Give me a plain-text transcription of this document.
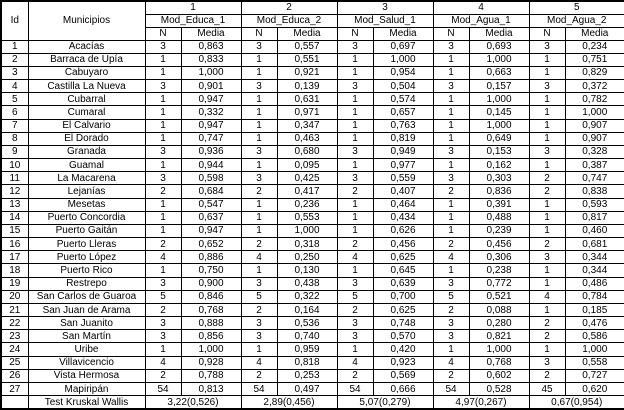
Id	Municipios	1		2		3		4		5	
		Mod_Educa_1		Mod_Educa_2		Mod_Salud_1		Mod_Agua_1		Mod_Agua_2	
		N	Media	N	Media	N	Media	N	Media	N	Media
1	Acacías	3	0,863	3	0,557	3	0,697	3	0,693	3	0,234
2	Barraca de Upía	1	0,833	1	0,551	1	1,000	1	1,000	1	0,751
3	Cabuyaro	1	1,000	1	0,921	1	0,954	1	0,663	1	0,829
4	Castilla La Nueva	3	0,901	3	0,139	3	0,504	3	0,157	3	0,372
5	Cubarral	1	0,947	1	0,631	1	0,574	1	1,000	1	0,782
6	Cumaral	1	0,332	1	0,971	1	0,657	1	0,145	1	1,000
7	El Calvario	1	0,947	1	0,347	1	0,763	1	1,000	1	0,907
8	El Dorado	1	0,747	1	0,463	1	0,819	1	0,649	1	0,907
9	Granada	3	0,936	3	0,680	3	0,949	3	0,153	3	0,328
10	Guamal	1	0,944	1	0,095	1	0,977	1	0,162	1	0,387
11	La Macarena	3	0,598	3	0,425	3	0,559	3	0,303	2	0,747
12	Lejanías	2	0,684	2	0,417	2	0,407	2	0,836	2	0,838
13	Mesetas	1	0,547	1	0,236	1	0,464	1	0,391	1	0,593
14	Puerto Concordia	1	0,637	1	0,553	1	0,434	1	0,488	1	0,817
15	Puerto Gaitán	1	0,947	1	1,000	1	0,626	1	0,239	1	0,460
16	Puerto Lleras	2	0,652	2	0,318	2	0,456	2	0,456	2	0,681
17	Puerto López	4	0,886	4	0,250	4	0,625	4	0,306	3	0,344
18	Puerto Rico	1	0,750	1	0,130	1	0,645	1	0,238	1	0,344
19	Restrepo	3	0,900	3	0,438	3	0,639	3	0,772	1	0,486
20	San Carlos de Guaroa	5	0,846	5	0,322	5	0,700	5	0,521	4	0,784
21	San Juan de Arama	2	0,768	2	0,164	2	0,625	2	0,088	1	0,185
22	San Juanito	3	0,888	3	0,536	3	0,748	3	0,280	2	0,476
23	San Martín	3	0,856	3	0,740	3	0,570	3	0,821	2	0,586
24	Uribe	1	1,000	1	0,959	1	0,420	1	1,000	1	1,000
25	Villavicencio	4	0,928	4	0,818	4	0,923	4	0,768	3	0,558
26	Vista Hermosa	2	0,788	2	0,253	2	0,569	2	0,602	2	0,727
27	Mapiripán	54	0,813	54	0,497	54	0,666	54	0,528	45	0,620
	Test Kruskal Wallis	3,22(0,526)		2,89(0,456)		5,07(0,279)		4,97(0,267)		0,67(0,954)	
